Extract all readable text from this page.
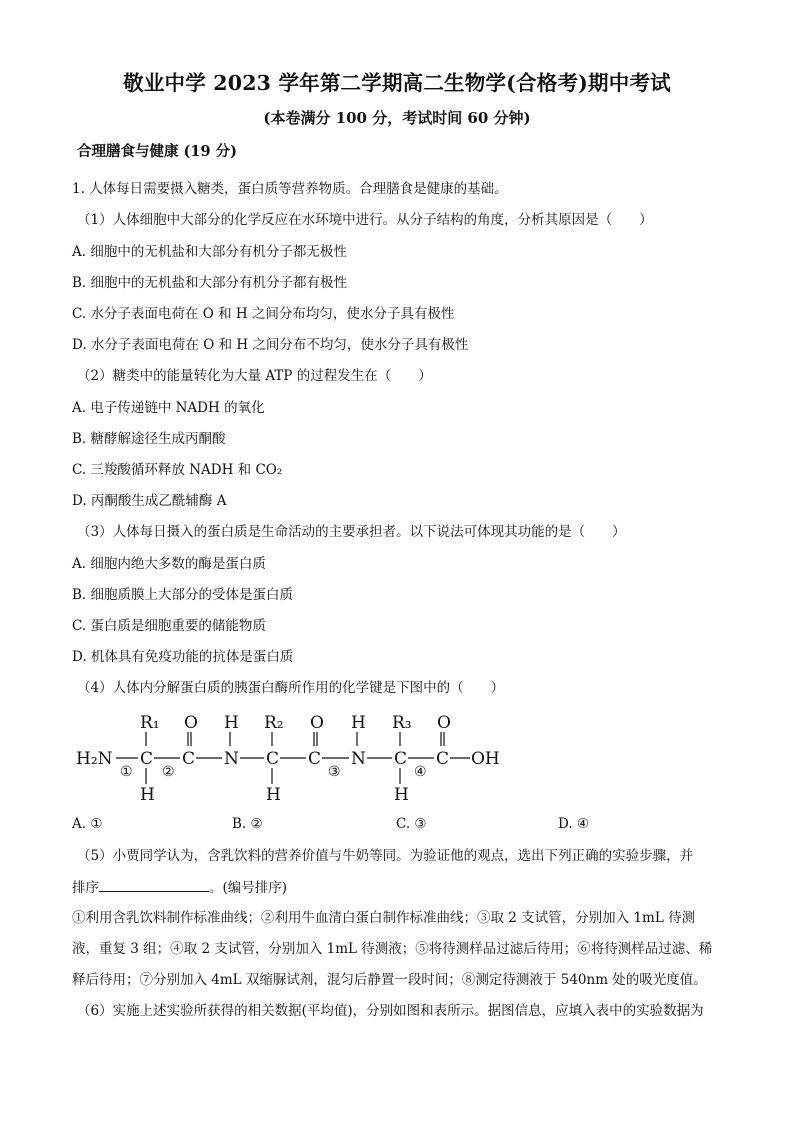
敬业中学 2023 学年第二学期高二生物学(合格考)期中考试
(本卷满分 100 分，考试时间 60 分钟)
合理膳食与健康 (19 分)
1. 人体每日需要摄入糖类，蛋白质等营养物质。合理膳食是健康的基础。
（1）人体细胞中大部分的化学反应在水环境中进行。从分子结构的角度，分析其原因是（　　）
A. 细胞中的无机盐和大部分有机分子都无极性
B. 细胞中的无机盐和大部分有机分子都有极性
C. 水分子表面电荷在 O 和 H 之间分布均匀，使水分子具有极性
D. 水分子表面电荷在 O 和 H 之间分布不均匀，使水分子具有极性
（2）糖类中的能量转化为大量 ATP 的过程发生在（　　）
A. 电子传递链中 NADH 的氧化
B. 糖酵解途径生成丙酮酸
C. 三羧酸循环释放 NADH 和 CO₂
D. 丙酮酸生成乙酰辅酶 A
（3）人体每日摄入的蛋白质是生命活动的主要承担者。以下说法可体现其功能的是（　　）
A. 细胞内绝大多数的酶是蛋白质
B. 细胞质膜上大部分的受体是蛋白质
C. 蛋白质是细胞重要的储能物质
D. 机体具有免疫功能的抗体是蛋白质
（4）人体内分解蛋白质的胰蛋白酶所作用的化学键是下图中的（　　）
H₂N C C N C C N C C OH
R₁ O H R₂ O H R₃ O
H	H	H
① ②	③	④
A. ①	B. ②	C. ③	D. ④
（5）小贾同学认为，含乳饮料的营养价值与牛奶等同。为验证他的观点，选出下列正确的实验步骤，并
排序	。(编号排序)
①利用含乳饮料制作标准曲线；②利用牛血清白蛋白制作标准曲线；③取 2 支试管，分别加入 1mL 待测
液，重复 3 组；④取 2 支试管，分别加入 1mL 待测液；⑤将待测样品过滤后待用；⑥将待测样品过滤、稀
释后待用；⑦分别加入 4mL 双缩脲试剂，混匀后静置一段时间；⑧测定待测液于 540nm 处的吸光度值。
（6）实施上述实验所获得的相关数据(平均值)，分别如图和表所示。据图信息，应填入表中的实验数据为
